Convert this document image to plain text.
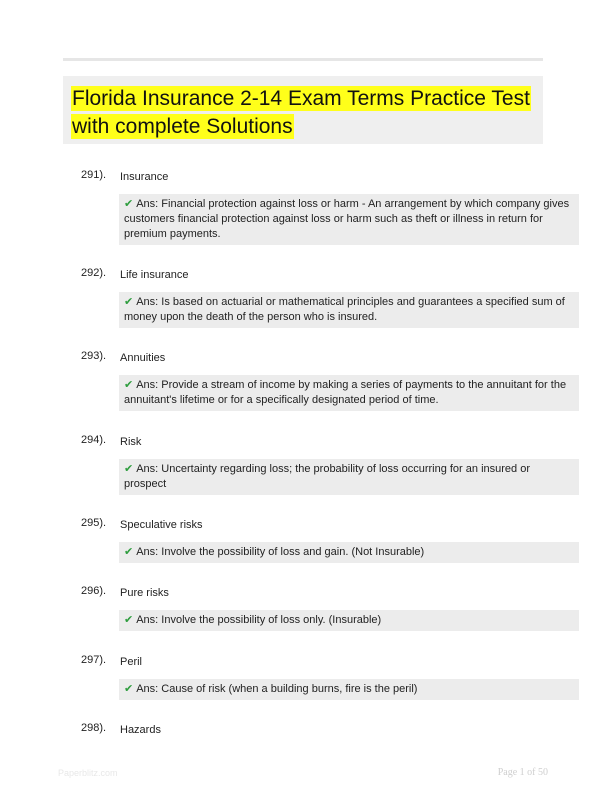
Florida Insurance 2-14 Exam Terms Practice Test with complete Solutions
291). Insurance
✔ Ans: Financial protection against loss or harm - An arrangement by which company gives customers financial protection against loss or harm such as theft or illness in return for premium payments.
292). Life insurance
✔ Ans: Is based on actuarial or mathematical principles and guarantees a specified sum of money upon the death of the person who is insured.
293). Annuities
✔ Ans: Provide a stream of income by making a series of payments to the annuitant for the annuitant's lifetime or for a specifically designated period of time.
294). Risk
✔ Ans: Uncertainty regarding loss; the probability of loss occurring for an insured or prospect
295). Speculative risks
✔ Ans: Involve the possibility of loss and gain. (Not Insurable)
296). Pure risks
✔ Ans: Involve the possibility of loss only. (Insurable)
297). Peril
✔ Ans: Cause of risk (when a building burns, fire is the peril)
298). Hazards
Paperblitz.com	Page 1 of 50
